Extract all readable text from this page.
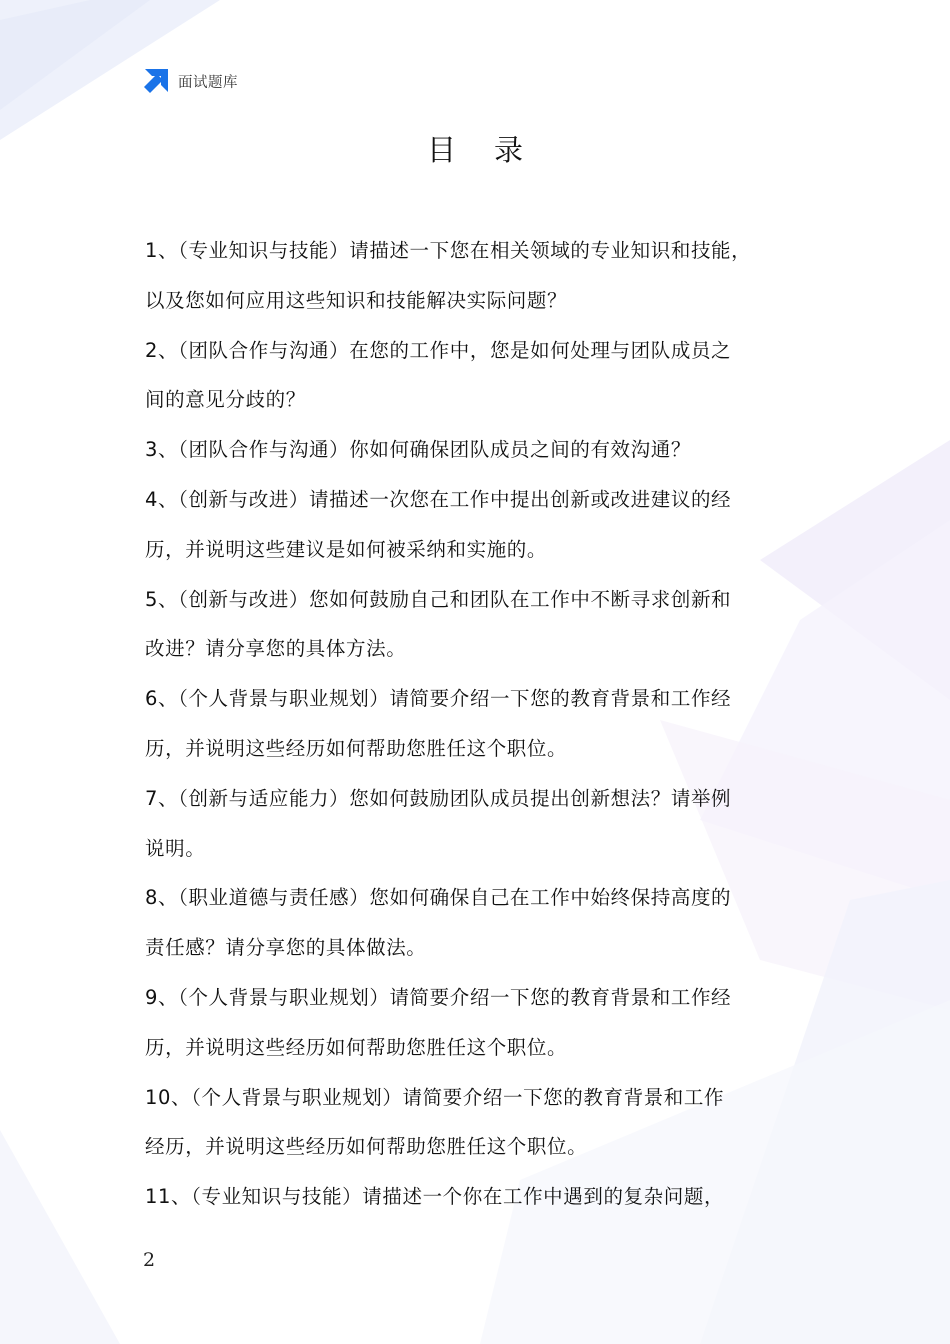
面试题库
目录
1、（专业知识与技能）请描述一下您在相关领域的专业知识和技能，
以及您如何应用这些知识和技能解决实际问题？
2、（团队合作与沟通）在您的工作中，您是如何处理与团队成员之
间的意见分歧的？
3、（团队合作与沟通）你如何确保团队成员之间的有效沟通？
4、（创新与改进）请描述一次您在工作中提出创新或改进建议的经
历，并说明这些建议是如何被采纳和实施的。
5、（创新与改进）您如何鼓励自己和团队在工作中不断寻求创新和
改进？请分享您的具体方法。
6、（个人背景与职业规划）请简要介绍一下您的教育背景和工作经
历，并说明这些经历如何帮助您胜任这个职位。
7、（创新与适应能力）您如何鼓励团队成员提出创新想法？请举例
说明。
8、（职业道德与责任感）您如何确保自己在工作中始终保持高度的
责任感？请分享您的具体做法。
9、（个人背景与职业规划）请简要介绍一下您的教育背景和工作经
历，并说明这些经历如何帮助您胜任这个职位。
10、（个人背景与职业规划）请简要介绍一下您的教育背景和工作
经历，并说明这些经历如何帮助您胜任这个职位。
11、（专业知识与技能）请描述一个你在工作中遇到的复杂问题，
2
